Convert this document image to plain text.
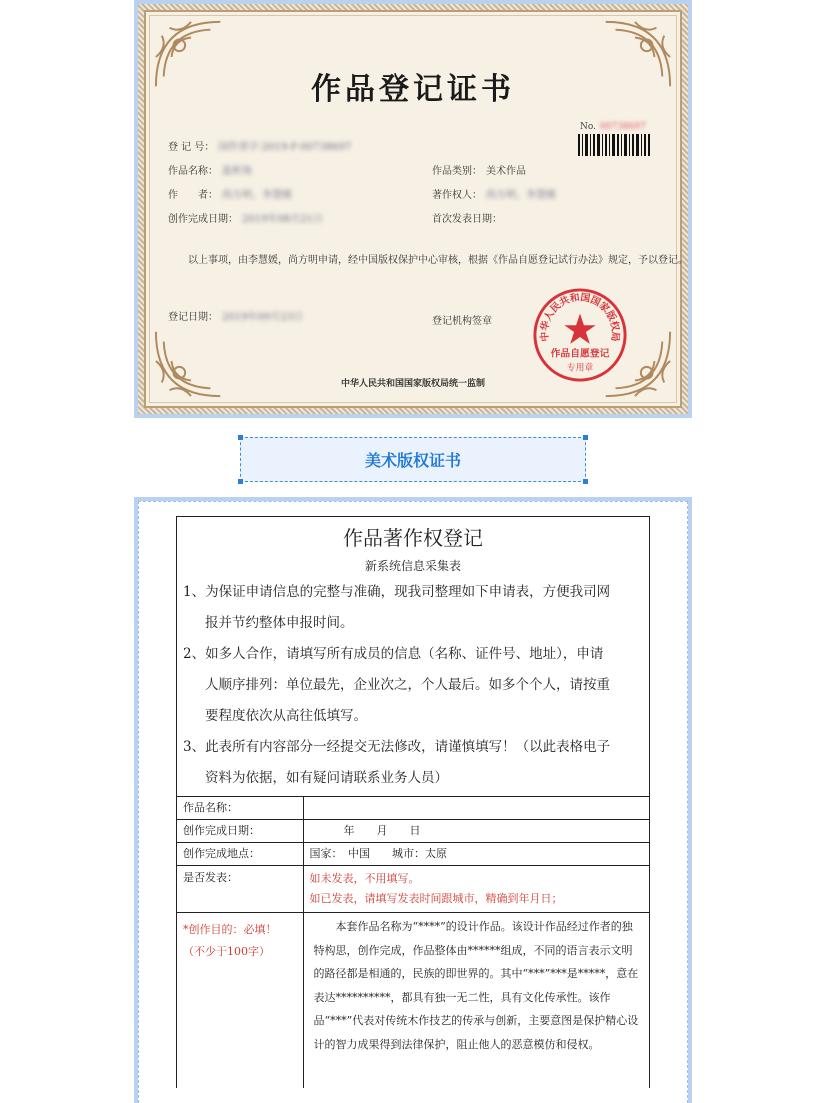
作品登记证书
No. 00738697
登 记 号： 国作登字-2019-F-00738697
作品名称： 蓝析饰	作品类别： 美术作品
作　　者： 尚方明、李慧媛	著作权人： 尚方明、李慧媛
创作完成日期： 2019年08月21日	首次发表日期：
以上事项，由李慧媛，尚方明申请，经中国版权保护中心审核，根据《作品自愿登记试行办法》规定，予以登记。
登记日期： 2019年09月23日	登记机构签章
中华人民共和国国家版权局
作品自愿登记
专用章
中华人民共和国国家版权局统一监制
美术版权证书
作品著作权登记
新系统信息采集表
1、为保证申请信息的完整与准确，现我司整理如下申请表，方便我司网
报并节约整体申报时间。
2、如多人合作，请填写所有成员的信息（名称、证件号、地址），申请
人顺序排列：单位最先，企业次之，个人最后。如多个个人，请按重
要程度依次从高往低填写。
3、此表所有内容部分一经提交无法修改，请谨慎填写！（以此表格电子
资料为依据，如有疑问请联系业务人员）
作品名称：	
创作完成日期：	年　　月　　日
创作完成地点：	国家：　中国　　城市：太原
是否发表：	如未发表，不用填写。
如已发表，请填写发表时间跟城市，精确到年月日；

*创作目的：必填！
（不少于100字）	本套作品名称为“****”的设计作品。该设计作品经过作者的独特构思，创作完成，作品整体由******组成，不同的语言表示文明的路径都是相通的，民族的即世界的。其中“***”***是*****，意在表达**********，都具有独一无二性，具有文化传承性。该作品“***”代表对传统木作技艺的传承与创新，主要意图是保护精心设计的智力成果得到法律保护，阻止他人的恶意模仿和侵权。
